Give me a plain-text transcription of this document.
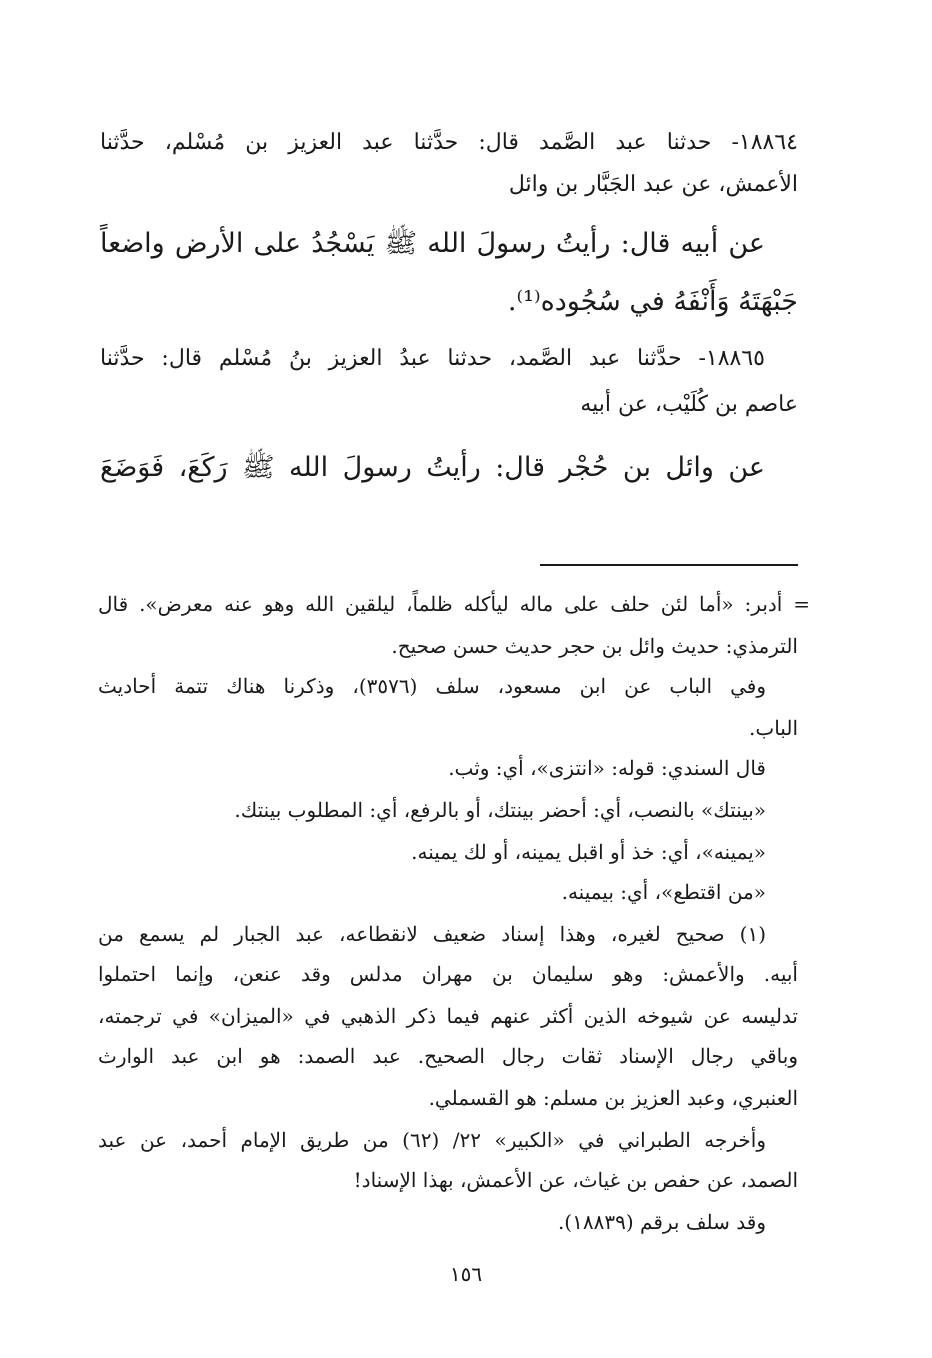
١٨٨٦٤- حدثنا عبد الصَّمد قال: حدَّثنا عبد العزيز بن مُسْلم، حدَّثنا
الأعمش، عن عبد الجَبَّار بن وائل
عن أبيه قال: رأيتُ رسولَ الله ﷺ يَسْجُدُ على الأرض واضعاً
جَبْهَتَهُ وَأَنْفَهُ في سُجُوده⁽¹⁾.
١٨٨٦٥- حدَّثنا عبد الصَّمد، حدثنا عبدُ العزيز بنُ مُسْلم قال: حدَّثنا
عاصم بن كُلَيْب، عن أبيه
عن وائل بن حُجْر قال: رأيتُ رسولَ الله ﷺ رَكَعَ، فَوَضَعَ
= أدبر: «أما لئن حلف على ماله ليأكله ظلماً، ليلقين الله وهو عنه معرض». قال
الترمذي: حديث وائل بن حجر حديث حسن صحيح.
وفي الباب عن ابن مسعود، سلف (٣٥٧٦)، وذكرنا هناك تتمة أحاديث
الباب.
قال السندي: قوله: «انتزى»، أي: وثب.
«بينتك» بالنصب، أي: أحضر بينتك، أو بالرفع، أي: المطلوب بينتك.
«يمينه»، أي: خذ أو اقبل يمينه، أو لك يمينه.
«من اقتطع»، أي: بيمينه.
(١) صحيح لغيره، وهذا إسناد ضعيف لانقطاعه، عبد الجبار لم يسمع من
أبيه. والأعمش: وهو سليمان بن مهران مدلس وقد عنعن، وإنما احتملوا
تدليسه عن شيوخه الذين أكثر عنهم فيما ذكر الذهبي في «الميزان» في ترجمته،
وباقي رجال الإسناد ثقات رجال الصحيح. عبد الصمد: هو ابن عبد الوارث
العنبري، وعبد العزيز بن مسلم: هو القسملي.
وأخرجه الطبراني في «الكبير» ٢٢/ (٦٢) من طريق الإمام أحمد، عن عبد
الصمد، عن حفص بن غياث، عن الأعمش، بهذا الإسناد!
وقد سلف برقم (١٨٨٣٩).
١٥٦
